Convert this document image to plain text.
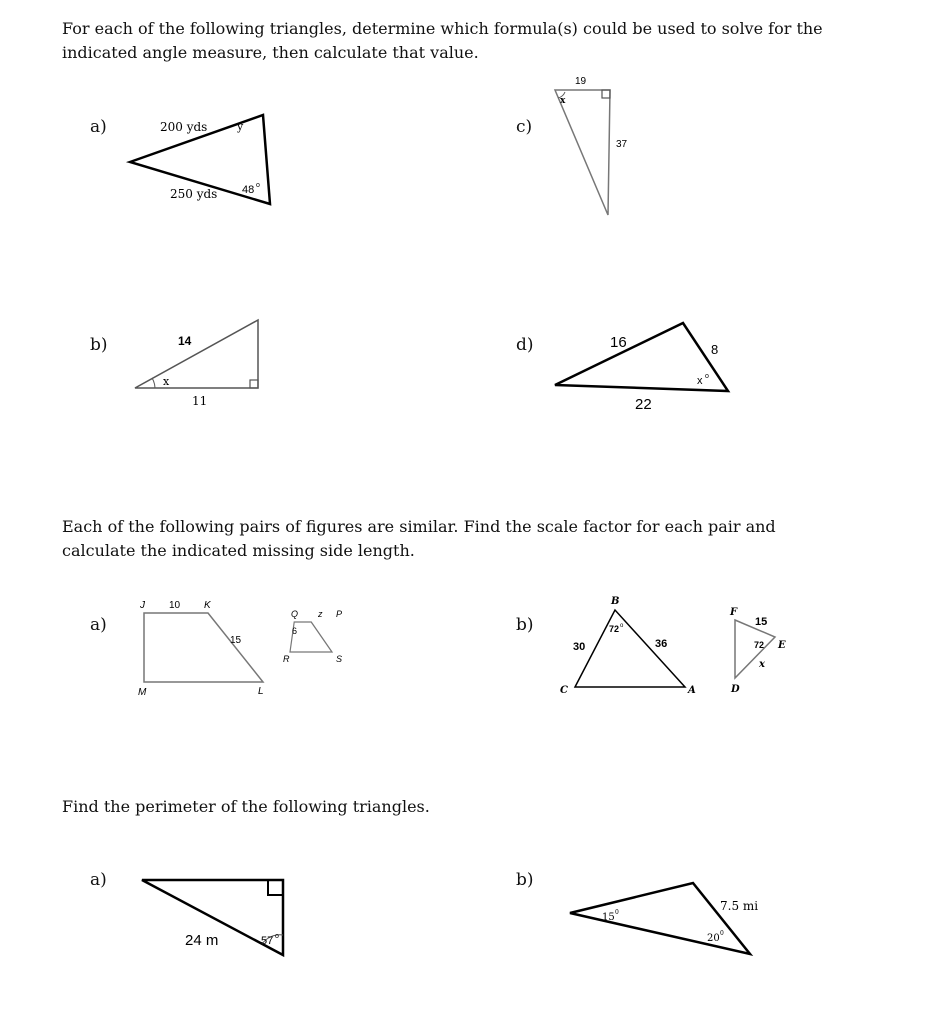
For each of the following triangles, determine which formula(s) could be used to solve for the indicated angle measure, then calculate that value.

a)	200 yds	y
250 yds 48 o
b)	14
x
11
c)
19
x
37
d)	16	8
x o
22

Each of the following pairs of figures are similar. Find the scale factor for each pair and calculate the indicated missing side length.

a)
J 10 K
15
M	L
Q z P
6
R	S
b)
B
72 o
30	36
C	A
F
15
72 E
x
D

Find the perimeter of the following triangles.

a)
24 m	57 o
b)
15 0	7.5 mi
20 0
